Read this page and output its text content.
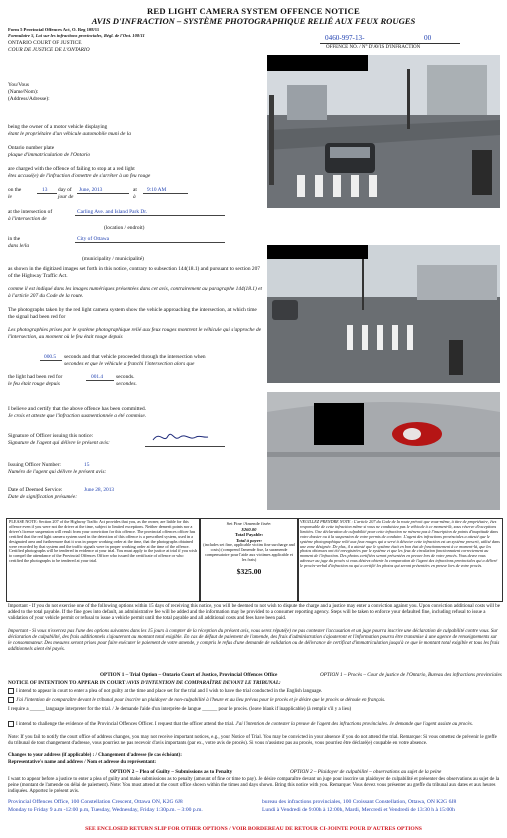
RED LIGHT CAMERA SYSTEM OFFENCE NOTICE
AVIS D'INFRACTION – SYSTÈME PHOTOGRAPHIQUE RELIÉ AUX FEUX ROUGES
Form 5 Provincial Offences Act, O. Reg 108/11
Formulaire 5, Loi sur les infractions provinciales, Régl. de l'Ont. 108/11
ONTARIO COURT OF JUSTICE
COUR DE JUSTICE DE L'ONTARIO
0460-997-13-	00
OFFENCE NO. / N° D'AVIS D'INFRACTION
You/Vous
(Name/Nom):
(Address/Adresse):
being the owner of a motor vehicle displaying
étant le propriétaire d'un véhicule automobile muni de la
Ontario number plate
plaque d'immatriculation de l'Ontario
are charged with the offence of failing to stop at a red light
êtes accusé(e) de l'infraction d'omettre de s'arrêter à un feu rouge
on the
le
13 day of
jour de
June, 2013	at
à
9:10 AM
at the intersection of
à l'intersection de
Carling Ave. and Island Park Dr.
(location / endroit)
in the
dans le/la
City of Ottawa
(municipality / municipalité)
as shown in the digitized images set forth in this notice, contrary to subsection 144(18.1) and pursuant to section 207 of the Highway Traffic Act.
comme il est indiqué dans les images numériques présentées dans cet avis, contrairement au paragraphe 144(18.1) et à l'article 207 du Code de la route.
The photographs taken by the red light camera system show the vehicle approaching the intersection, at which time the signal had been red for
Les photographies prises par le système photographique relié aux feux rouges montrent le véhicule qui s'approche de l'intersection, au moment où le feu était rouge depuis
000.5 seconds and that vehicle proceeded through the intersection when
secondes et que le véhicule a franchi l'intersection alors que
the light had been red for
le feu était rouge depuis
001.4 seconds.
secondes.
I believe and certify that the above offence has been committed.
Je crois et atteste que l'infraction susmentionnée a été commise.
Signature of Officer issuing this notice:
Signature de l'agent qui délivre le présent avis:
Issuing Officer Number:
Numéro de l'agent qui délivre le présent avis:
15
Date of Deemed Service:
Date de signification présumée:
June 28, 2013
PLEASE NOTE: Section 207 of the Highway Traffic Act provides that you, as the owner, are liable for this offence even if you were not the driver at the time, subject to limited exceptions. Neither demerit points nor a driver's licence suspension will result from your conviction for this offence. The provincial offences officer has certified that the red light camera system used in the detection of this offence is a prescribed system, used in a designated area and furthermore that it was in proper working order at the time, that the photographs obtained were recorded by that system and the traffic signals were in proper working order at the time of the offence. Certified photographs will be tendered in evidence at your trial. You must apply to the justice at trial if you wish to compel the attendance of the Provincial Offences Officer who issued the certificate of offence or who certified the photographs to be tendered at your trial.
Set Fine /Amende fixée:
$260.00
Total Payable:
Total à payer:
(includes set fine, applicable victim fine surcharge and costs) (comprend l'amende fixe, la suramende compensatoire pour l'aide aux victimes applicable et les frais)
$325.00
VEUILLEZ PRENDRE NOTE : L'article 207 du Code de la route prévoit que vous-même, à titre de propriétaire, êtes responsable de cette infraction même si vous ne conduisiez pas le véhicule à ce moment-là, sous réserve d'exceptions limitées. Une déclaration de culpabilité pour cette infraction ne mènera pas à l'inscription de points d'inaptitude dans votre dossier ou à la suspension de votre permis de conduire. L'agent des infractions provinciales a attesté que le système photographique relié aux feux rouges qui a servi à détecter cette infraction est un système prescrit, utilisé dans une zone désignée. De plus, il a attesté que le système était en bon état de fonctionnement à ce moment-là, que les photos obtenues ont été enregistrées par le système et que les feux de circulation fonctionnaient correctement au moment de l'infraction. Des photos certifiées seront présentées en preuve lors de votre procès. Vous devez vous adresser au juge du procès si vous désirez obtenir la comparution de l'agent des infractions provinciales qui a délivré le procès-verbal d'infraction ou qui a certifié les photos qui seront présentées en preuve lors de votre procès.
Important - If you do not exercise one of the following options within 15 days of receiving this notice, you will be deemed to not wish to dispute the charge and a justice may enter a conviction against you. Upon conviction additional costs will be added to the total payable. If the fine goes into default, an administrative fee will be added and the information may be provided to a consumer reporting agency. Steps will be taken to enforce your defaulted fine, including refusal to issue a validation of your vehicle permit or refusal to issue a vehicle permit until the total payable and all additional costs and fees have been paid.
Important - Si vous n'exercez pas l'une des options suivantes dans les 15 jours à compter de la réception du présent avis, vous serez réputé(e) ne pas contester l'accusation et un juge pourra inscrire une déclaration de culpabilité contre vous. Sur déclaration de culpabilité, des frais additionnels s'ajouteront au montant total exigible. En cas de défaut de paiement de l'amende, des frais d'administration s'ajouteront et l'information pourra être transmise à une agence de renseignements sur le consommateur. Des mesures seront prises pour faire exécuter le paiement de votre amende, y compris le refus d'une demande de validation ou de délivrance de certificat d'immatriculation jusqu'à ce que le montant total exigible et tous les frais additionnels aient été payés.
OPTION 1 – Trial Option – Ontario Court of Justice, Provincial Offences Office	OPTION 1 – Procès – Cour de justice de l'Ontario, Bureau des infractions provinciales
NOTICE OF INTENTION TO APPEAR IN COURT / AVIS D'INTENTION DE COMPARAÎTRE DEVANT LE TRIBUNAL:
I intend to appear in court to enter a plea of not guilty at the time and place set for the trial and I wish to have the trial conducted in the English language.
J'ai l'intention de comparaître devant le tribunal pour inscrire un plaidoyer de non-culpabilité à l'heure et au lieu prévus pour le procès et je désire que le procès se déroule en français.
I require a ______ language interpreter for the trial. / Je demande l'aide d'un interprète de langue ______ pour le procès. (leave blank if inapplicable) (à remplir s'il y a lieu)
I intend to challenge the evidence of the Provincial Offences Officer. I request that the officer attend the trial. J'ai l'intention de contester la preuve de l'agent des infractions provinciales. Je demande que l'agent assiste au procès.
Note: If you fail to notify the court office of address changes, you may not receive important notices, e.g., your Notice of Trial. You may be convicted in your absence if you do not attend the trial. Remarque: Si vous omettez de prévenir le greffe du tribunal de tout changement d'adresse, vous pourriez ne pas recevoir d'avis importants (par ex., votre avis de procès). Si vous n'assistez pas au procès, vous pourriez être déclaré(e) coupable en votre absence.
Changes to your address (if applicable) : / Changement d'adresse (le cas échéant):
Representative's name and address / Nom et adresse du représentant:
OPTION 2 – Plea of Guilty – Submissions as to Penalty	OPTION 2 – Plaidoyer de culpabilité – observations au sujet de la peine
I want to appear before a justice to enter a plea of guilty and make submissions as to penalty (amount of fine or time to pay). Je désire comparaître devant un juge pour inscrire un plaidoyer de culpabilité et présenter des observations au sujet de la peine (montant de l'amende ou délai de paiement). Note: You must attend at the court office shown within the times and days shown. Bring this notice with you. Remarque: Vous devez vous présenter au greffe du tribunal aux dates et aux heures indiquées. Apportez le présent avis.
Provincial Offences Office, 100 Constellation Crescent, Ottawa ON, K2G 6J8	bureau des infractions provinciales, 100 Croissant Constellation, Ottawa, ON K2G 6J8
Monday to Friday 9 a.m -12:00 p.m, Tuesday, Wednesday, Friday 1:30p.m. – 3:00 p.m.	Lundi à Vendredi de 9:00h à 12:00h, Mardi, Mercredi et Vendredi de 13:30 h à 15:00h
SEE ENCLOSED RETURN SLIP FOR OTHER OPTIONS / VOIR BORDEREAU DE RETOUR CI-JOINTE POUR D'AUTRES OPTIONS
